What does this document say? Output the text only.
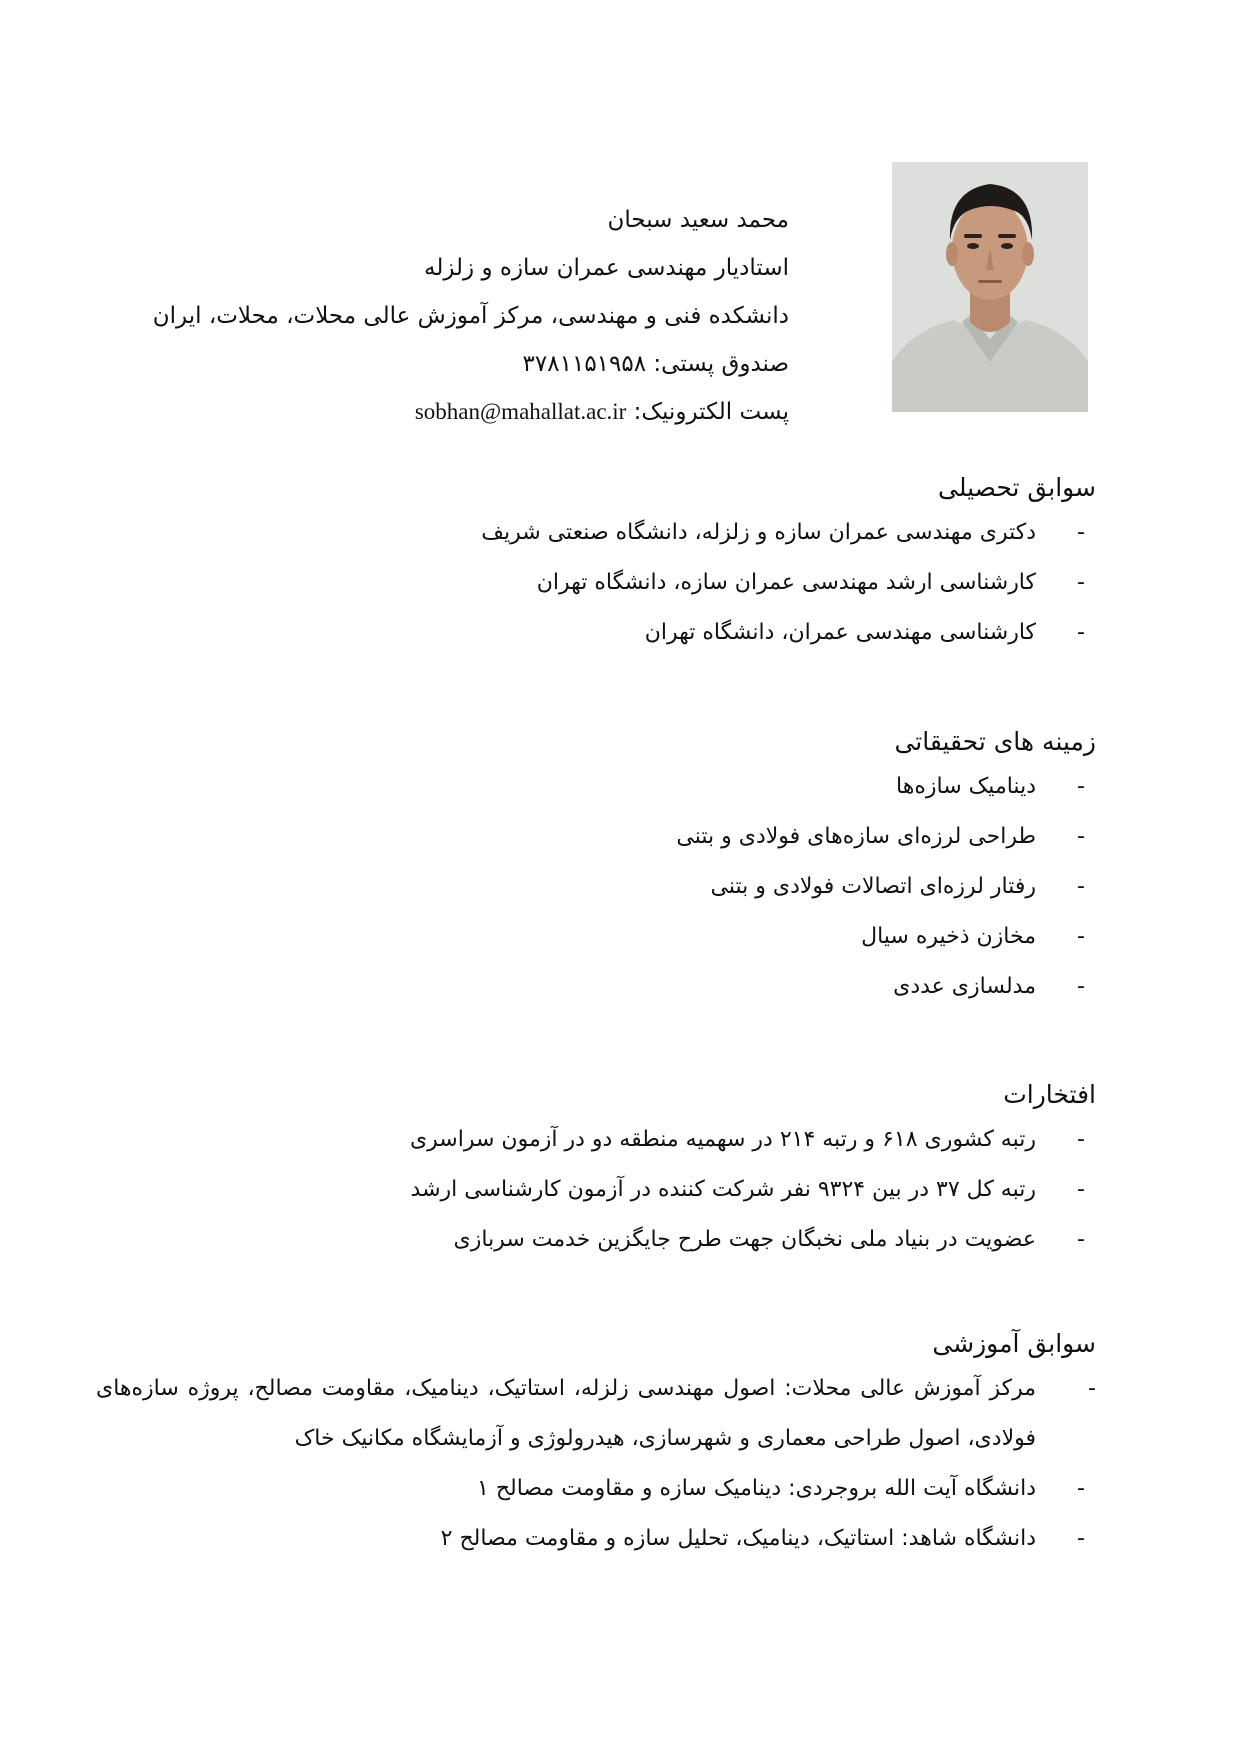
محمد سعید سبحان
استادیار مهندسی عمران سازه و زلزله
دانشکده فنی و مهندسی، مرکز آموزش عالی محلات، محلات، ایران
صندوق پستی: ۳۷۸۱۱۵۱۹۵۸
پست الکترونیک: sobhan@mahallat.ac.ir
سوابق تحصیلی
-
دکتری مهندسی عمران سازه و زلزله، دانشگاه صنعتی شریف
-
کارشناسی ارشد مهندسی عمران سازه، دانشگاه تهران
-
کارشناسی مهندسی عمران، دانشگاه تهران
زمینه های تحقیقاتی
-
دینامیک سازه‌ها
-
طراحی لرزه‌ای سازه‌های فولادی و بتنی
-
رفتار لرزه‌ای اتصالات فولادی و بتنی
-
مخازن ذخیره سیال
-
مدلسازی عددی
افتخارات
-
رتبه کشوری ۶۱۸ و رتبه ۲۱۴ در سهمیه منطقه دو در آزمون سراسری
-
رتبه کل ۳۷ در بین ۹۳۲۴ نفر شرکت کننده در آزمون کارشناسی ارشد
-
عضویت در بنیاد ملی نخبگان جهت طرح جایگزین خدمت سربازی
سوابق آموزشی
-
مرکز آموزش عالی محلات: اصول مهندسی زلزله، استاتیک، دینامیک، مقاومت مصالح، پروژه سازه‌های فولادی، اصول طراحی معماری و شهرسازی، هیدرولوژی و آزمایشگاه مکانیک خاک
-
دانشگاه آیت الله بروجردی: دینامیک سازه و مقاومت مصالح ۱
-
دانشگاه شاهد: استاتیک، دینامیک، تحلیل سازه و مقاومت مصالح ۲
